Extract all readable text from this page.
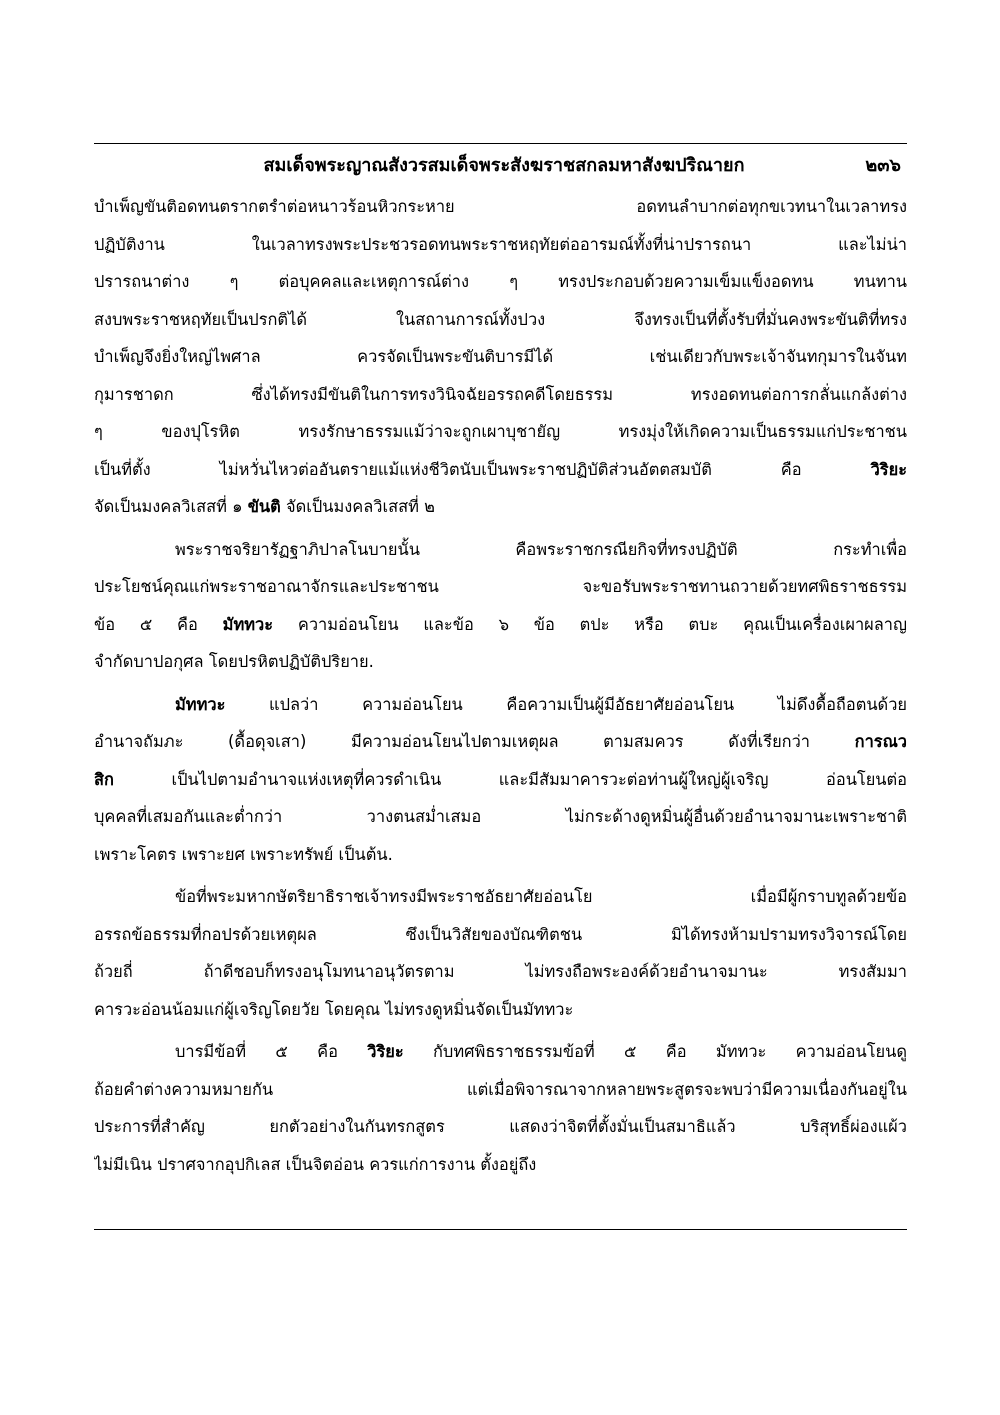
สมเด็จพระญาณสังวรสมเด็จพระสังฆราชสกลมหาสังฆปริณายก	๒๓๖
บำเพ็ญขันติอดทนตรากตรำต่อหนาวร้อนหิวกระหาย อดทนลำบากต่อทุกขเวทนาในเวลาทรง
ปฏิบัติงาน ในเวลาทรงพระประชวรอดทนพระราชหฤทัยต่ออารมณ์ทั้งที่น่าปรารถนา และไม่น่า
ปรารถนาต่าง ๆ ต่อบุคคลและเหตุการณ์ต่าง ๆ ทรงประกอบด้วยความเข็มแข็งอดทน ทนทาน
สงบพระราชหฤทัยเป็นปรกติได้ ในสถานการณ์ทั้งปวง จึงทรงเป็นที่ตั้งรับที่มั่นคงพระขันติที่ทรง
บำเพ็ญจึงยิ่งใหญ่ไพศาล ควรจัดเป็นพระขันติบารมีได้ เช่นเดียวกับพระเจ้าจันทกุมารในจันท
กุมารชาดก ซึ่งได้ทรงมีขันติในการทรงวินิจฉัยอรรถคดีโดยธรรม ทรงอดทนต่อการกลั่นแกล้งต่าง
ๆ ของปุโรหิต ทรงรักษาธรรมแม้ว่าจะถูกเผาบุชายัญ ทรงมุ่งให้เกิดความเป็นธรรมแก่ประชาชน
เป็นที่ตั้ง ไม่หวั่นไหวต่ออันตรายแม้แห่งชีวิตนับเป็นพระราชปฏิบัติส่วนอัตตสมบัติ คือ วิริยะ
จัดเป็นมงคลวิเสสที่ ๑ ขันติ จัดเป็นมงคลวิเสสที่ ๒
พระราชจริยารัฏฐาภิปาลโนบายนั้น คือพระราชกรณียกิจที่ทรงปฏิบัติ กระทำเพื่อ
ประโยชน์คุณแก่พระราชอาณาจักรและประชาชน จะขอรับพระราชทานถวายด้วยทศพิธราชธรรม
ข้อ ๕ คือ มัททวะ ความอ่อนโยน และข้อ ๖ ข้อ ตปะ หรือ ตบะ คุณเป็นเครื่องเผาผลาญ
จำกัดบาปอกุศล โดยปรหิตปฏิบัติปริยาย.
มัททวะ แปลว่า ความอ่อนโยน คือความเป็นผู้มีอัธยาศัยอ่อนโยน ไม่ดึงดื้อถือตนด้วย
อำนาจถัมภะ (ดื้อดุจเสา) มีความอ่อนโยนไปตามเหตุผล ตามสมควร ดังที่เรียกว่า การณว
สิก เป็นไปตามอำนาจแห่งเหตุที่ควรดำเนิน และมีสัมมาคารวะต่อท่านผู้ใหญ่ผู้เจริญ อ่อนโยนต่อ
บุคคลที่เสมอกันและต่ำกว่า วางตนสม่ำเสมอ ไม่กระด้างดูหมิ่นผู้อื่นด้วยอำนาจมานะเพราะชาติ
เพราะโคตร เพราะยศ เพราะทรัพย์ เป็นต้น.
ข้อที่พระมหากษัตริยาธิราชเจ้าทรงมีพระราชอัธยาศัยอ่อนโย เมื่อมีผู้กราบทูลด้วยข้อ
อรรถข้อธรรมที่กอปรด้วยเหตุผล ซึงเป็นวิสัยของบัณฑิตชน มิได้ทรงห้ามปรามทรงวิจารณ์โดย
ถ้วยถี่ ถ้าดีชอบก็ทรงอนุโมทนาอนุวัตรตาม ไม่ทรงถือพระองค์ด้วยอำนาจมานะ ทรงสัมมา
คารวะอ่อนน้อมแก่ผู้เจริญโดยวัย โดยคุณ ไม่ทรงดูหมิ่นจัดเป็นมัททวะ
บารมีข้อที่ ๕ คือ วิริยะ กับทศพิธราชธรรมข้อที่ ๕ คือ มัททวะ ความอ่อนโยนดู
ถ้อยคำต่างความหมายกัน แต่เมื่อพิจารณาจากหลายพระสูตรจะพบว่ามีความเนื่องกันอยู่ใน
ประการที่สำคัญ ยกตัวอย่างในกันทรกสูตร แสดงว่าจิตที่ตั้งมั่นเป็นสมาธิแล้ว บริสุทธิ์ผ่องแผ้ว
ไม่มีเนิน ปราศจากอุปกิเลส เป็นจิตอ่อน ควรแก่การงาน ตั้งอยู่ถึง
